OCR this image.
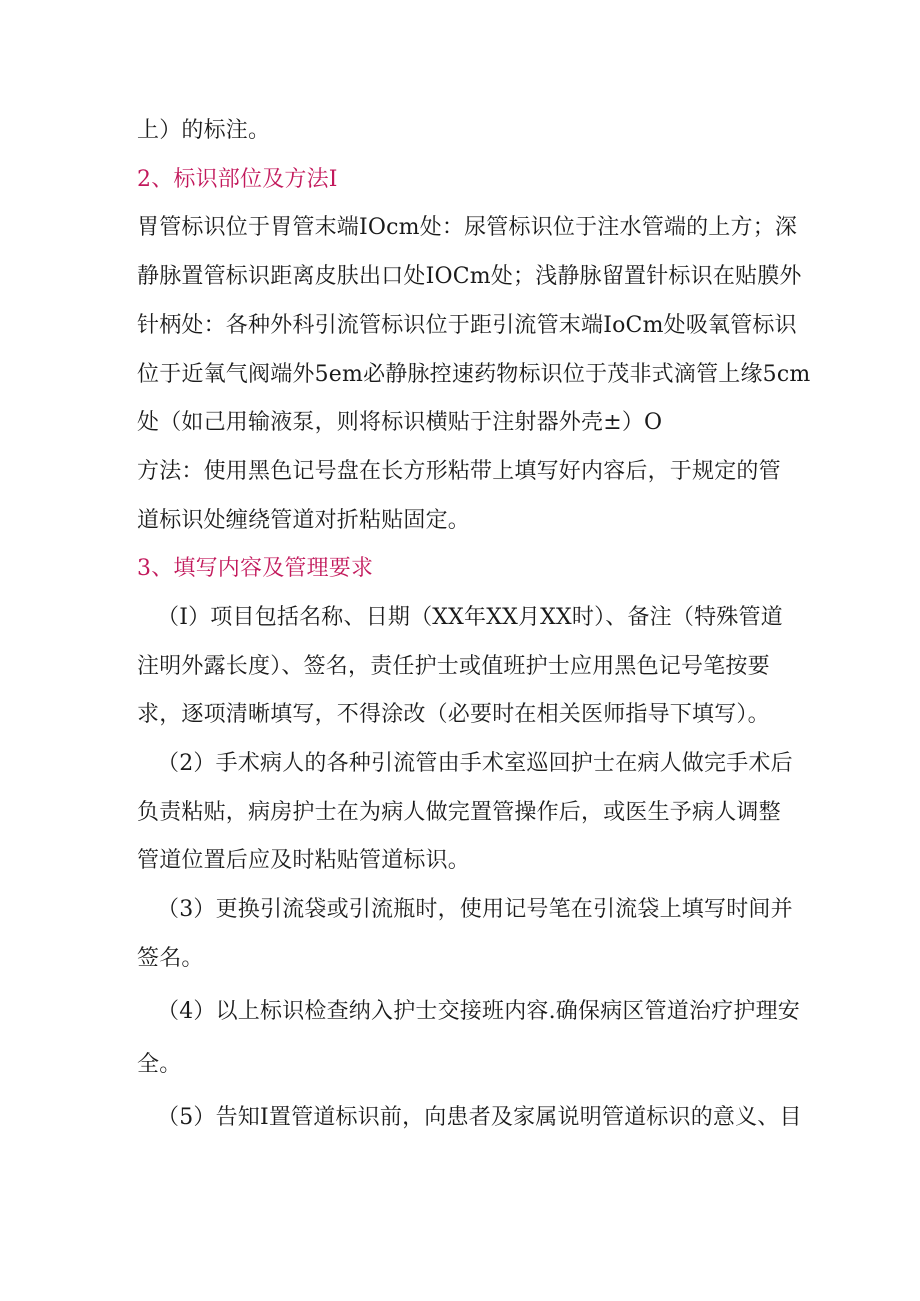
上）的标注。
2、标识部位及方法I
胃管标识位于胃管末端IOcm处：尿管标识位于注水管端的上方；深
静脉置管标识距离皮肤出口处IOCm处；浅静脉留置针标识在贴膜外
针柄处：各种外科引流管标识位于距引流管末端IoCm处吸氧管标识
位于近氧气阀端外5em必静脉控速药物标识位于茂非式滴管上缘5cm
处（如己用输液泵，则将标识横贴于注射器外壳±）O
方法：使用黑色记号盘在长方形粘带上填写好内容后，于规定的管
道标识处缠绕管道对折粘贴固定。
3、填写内容及管理要求
（I）项目包括名称、日期（XX年XX月XX时）、备注（特殊管道
注明外露长度）、签名，责任护士或值班护士应用黑色记号笔按要
求，逐项清晰填写，不得涂改（必要时在相关医师指导下填写）。
（2）手术病人的各种引流管由手术室巡回护士在病人做完手术后
负责粘贴，病房护士在为病人做完置管操作后，或医生予病人调整
管道位置后应及时粘贴管道标识。
（3）更换引流袋或引流瓶时，使用记号笔在引流袋上填写时间并
签名。
（4）以上标识检查纳入护士交接班内容.确保病区管道治疗护理安
全。
（5）告知I置管道标识前，向患者及家属说明管道标识的意义、目
